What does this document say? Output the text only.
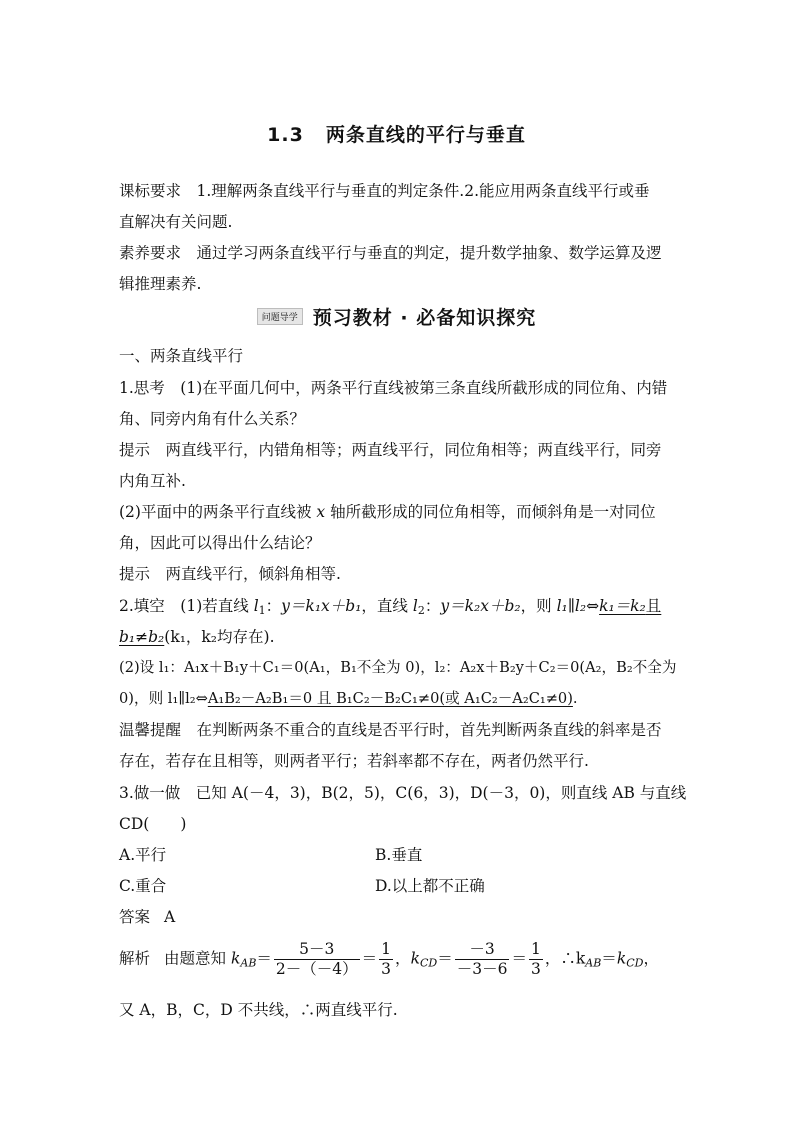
1.3 两条直线的平行与垂直
课标要求　1.理解两条直线平行与垂直的判定条件.2.能应用两条直线平行或垂
直解决有关问题.
素养要求　通过学习两条直线平行与垂直的判定，提升数学抽象、数学运算及逻
辑推理素养.
问题导学 预习教材 · 必备知识探究
一、两条直线平行
1.思考　(1)在平面几何中，两条平行直线被第三条直线所截形成的同位角、内错
角、同旁内角有什么关系？
提示　两直线平行，内错角相等；两直线平行，同位角相等；两直线平行，同旁
内角互补.
(2)平面中的两条平行直线被 x 轴所截形成的同位角相等，而倾斜角是一对同位
角，因此可以得出什么结论？
提示　两直线平行，倾斜角相等.
2.填空　(1)若直线 $l_1$：y＝k₁x＋b₁，直线 $l_2$：y＝k₂x＋b₂，则 l₁∥l₂⇔k₁＝k₂且
b₁≠b₂(k₁，k₂均存在).
(2)设 l₁：A₁x＋B₁y＋C₁＝0(A₁，B₁不全为 0)，l₂：A₂x＋B₂y＋C₂＝0(A₂，B₂不全为
0)，则 l₁∥l₂⇔A₁B₂－A₂B₁＝0 且 B₁C₂－B₂C₁≠0(或 A₁C₂－A₂C₁≠0).
温馨提醒　在判断两条不重合的直线是否平行时，首先判断两条直线的斜率是否
存在，若存在且相等，则两者平行；若斜率都不存在，两者仍然平行.
3.做一做　已知 A(－4，3)，B(2，5)，C(6，3)，D(－3，0)，则直线 AB 与直线
CD(　　)
A.平行	B.垂直
C.重合	D.以上都不正确
答案 A
解析 由题意知 $k_{AB}= \frac{5-3}{2-(-4)} = \frac{1}{3}$ ，$k_{CD}= \frac{-3}{-3-6} = \frac{1}{3}$ ，$\therefore k_{AB}=k_{CD}$，
又 A，B，C，D 不共线，∴两直线平行.
